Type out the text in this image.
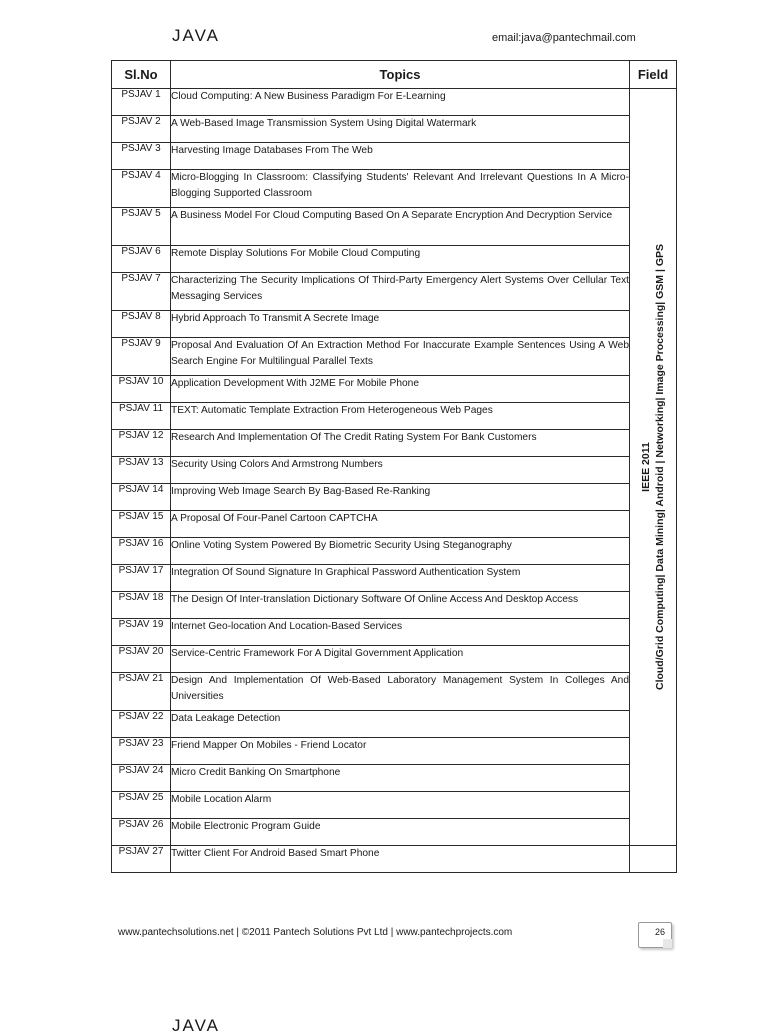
JAVA	email:java@pantechmail.com
Sl.No	Topics	Field
PSJAV 1	Cloud Computing: A New Business Paradigm For E-Learning	IEEE 2011 Cloud/Grid Computing| Data Mining| Android | Networking| Image Processing| GSM | GPS

PSJAV 2	A Web-Based Image Transmission System Using Digital Watermark	
PSJAV 3	Harvesting Image Databases From The Web	
PSJAV 4	Micro-Blogging In Classroom: Classifying Students' Relevant And Irrelevant Questions In A Micro-Blogging Supported Classroom	
PSJAV 5	A Business Model For Cloud Computing Based On A Separate Encryption And Decryption Service	
PSJAV 6	Remote Display Solutions For Mobile Cloud Computing	
PSJAV 7	Characterizing The Security Implications Of Third-Party Emergency Alert Systems Over Cellular Text Messaging Services	
PSJAV 8	Hybrid Approach To Transmit A Secrete Image	
PSJAV 9	Proposal And Evaluation Of An Extraction Method For Inaccurate Example Sentences Using A Web Search Engine For Multilingual Parallel Texts	
PSJAV 10	Application Development With J2ME For Mobile Phone	
PSJAV 11	TEXT: Automatic Template Extraction From Heterogeneous Web Pages	
PSJAV 12	Research And Implementation Of The Credit Rating System For Bank Customers	
PSJAV 13	Security Using Colors And Armstrong Numbers	
PSJAV 14	Improving Web Image Search By Bag-Based Re-Ranking	
PSJAV 15	A Proposal Of Four-Panel Cartoon CAPTCHA	
PSJAV 16	Online Voting System Powered By Biometric Security Using Steganography	
PSJAV 17	Integration Of Sound Signature In Graphical Password Authentication System	
PSJAV 18	The Design Of Inter-translation Dictionary Software Of Online Access And Desktop Access	
PSJAV 19	Internet Geo-location And Location-Based Services	
PSJAV 20	Service-Centric Framework For A Digital Government Application	
PSJAV 21	Design And Implementation Of Web-Based Laboratory Management System In Colleges And Universities	
PSJAV 22	Data Leakage Detection	
PSJAV 23	Friend Mapper On Mobiles - Friend Locator	
PSJAV 24	Micro Credit Banking On Smartphone	
PSJAV 25	Mobile Location Alarm	
PSJAV 26	Mobile Electronic Program Guide	
PSJAV 27	Twitter Client For Android Based Smart Phone	
www.pantechsolutions.net | ©2011 Pantech Solutions Pvt Ltd | www.pantechprojects.com	26
JAVA
